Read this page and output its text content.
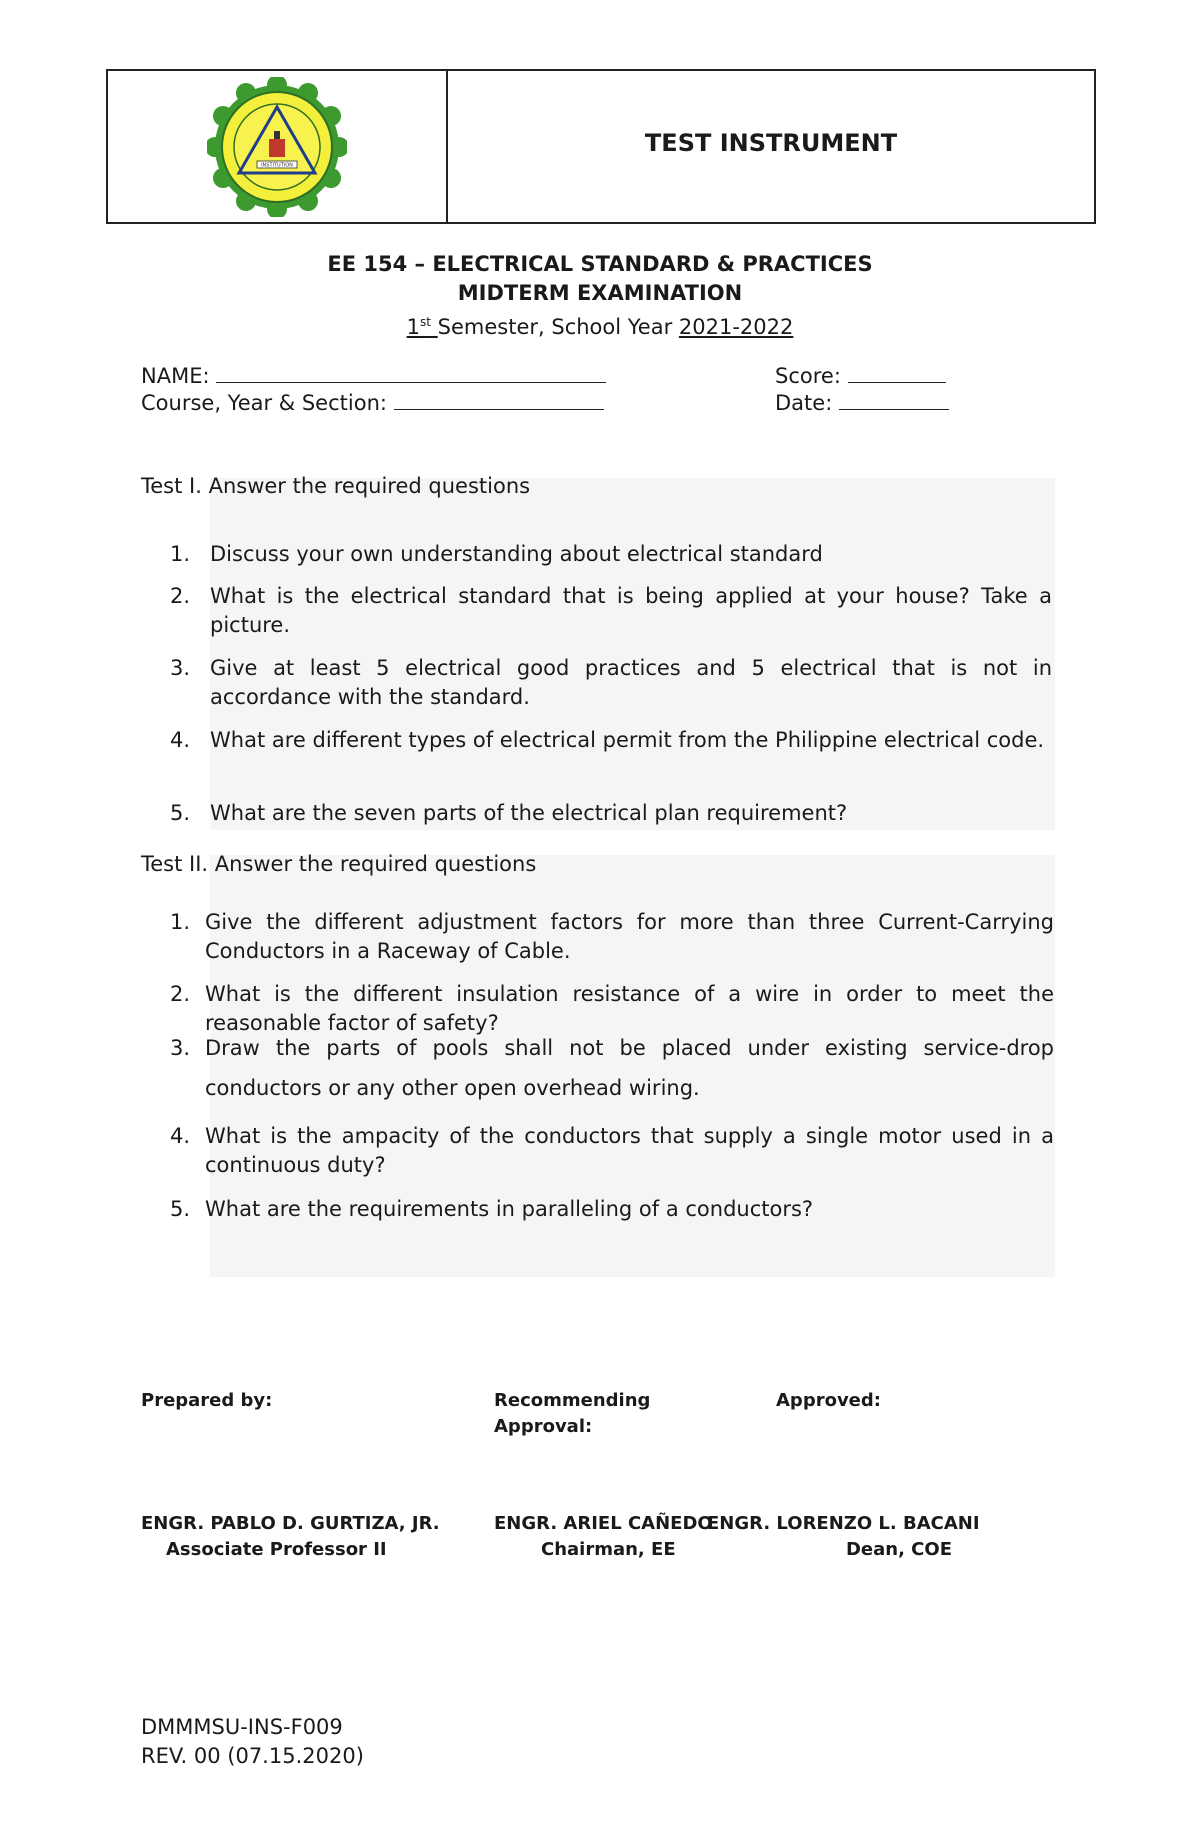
INSTITUTION
TEST INSTRUMENT
EE 154 – ELECTRICAL STANDARD & PRACTICES
MIDTERM EXAMINATION
1st Semester, School Year 2021-2022
NAME:
Course, Year & Section:
Score:
Date:
Test I. Answer the required questions
1. Discuss your own understanding about electrical standard
2. What is the electrical standard that is being applied at your house? Take a picture.
3. Give at least 5 electrical good practices and 5 electrical that is not in accordance with the standard.
4. What are different types of electrical permit from the Philippine electrical code.
5. What are the seven parts of the electrical plan requirement?
Test II. Answer the required questions
1. Give the different adjustment factors for more than three Current-Carrying Conductors in a Raceway of Cable.
2. What is the different insulation resistance of a wire in order to meet the reasonable factor of safety?
3. Draw the parts of pools shall not be placed under existing service-drop conductors or any other open overhead wiring.
4. What is the ampacity of the conductors that supply a single motor used in a continuous duty?
5. What are the requirements in paralleling of a conductors?
Prepared by:	Recommending
Approval:
Approved:
ENGR. PABLO D. GURTIZA, JR.
Associate Professor II
ENGR. ARIEL CAÑEDO
Chairman, EE
ENGR. LORENZO L. BACANI
Dean, COE
DMMMSU-INS-F009
REV. 00 (07.15.2020)
